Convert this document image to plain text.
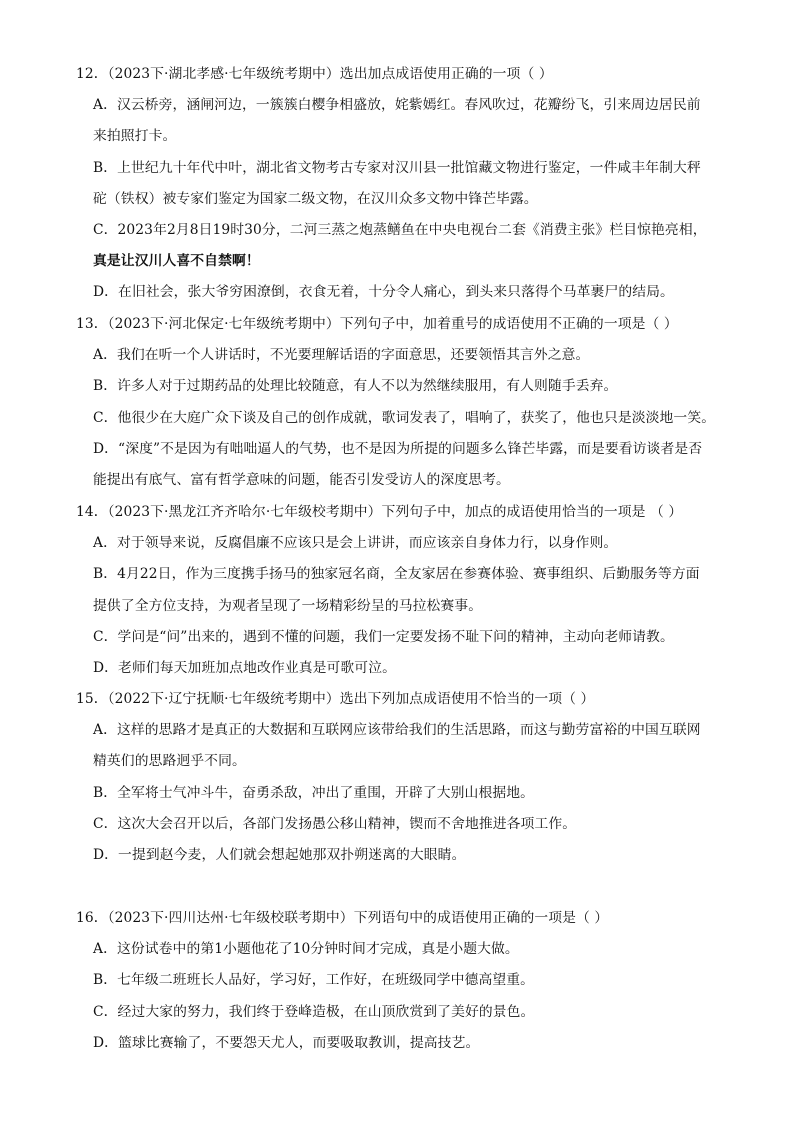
12．（2023下·湖北孝感·七年级统考期中）选出加点成语使用正确的一项（ ）
A．汉云桥旁，涵闸河边，一簇簇白樱争相盛放，姹紫嫣红。春风吹过，花瓣纷飞，引来周边居民前
来拍照打卡。
B．上世纪九十年代中叶，湖北省文物考古专家对汉川县一批馆藏文物进行鉴定，一件咸丰年制大秤
砣（铁权）被专家们鉴定为国家二级文物，在汉川众多文物中锋芒毕露。
C．2023年2月8日19时30分，二河三蒸之炮蒸鳝鱼在中央电视台二套《消费主张》栏目惊艳亮相，
真是让汉川人喜不自禁啊！
D．在旧社会，张大爷穷困潦倒，衣食无着，十分令人痛心，到头来只落得个马革裹尸的结局。
13．（2023下·河北保定·七年级统考期中）下列句子中，加着重号的成语使用不正确的一项是（ ）
A．我们在听一个人讲话时，不光要理解话语的字面意思，还要领悟其言外之意。
B．许多人对于过期药品的处理比较随意，有人不以为然继续服用，有人则随手丢弃。
C．他很少在大庭广众下谈及自己的创作成就，歌词发表了，唱响了，获奖了，他也只是淡淡地一笑。
D．“深度”不是因为有咄咄逼人的气势，也不是因为所提的问题多么锋芒毕露，而是要看访谈者是否
能提出有底气、富有哲学意味的问题，能否引发受访人的深度思考。
14．（2023下·黑龙江齐齐哈尔·七年级校考期中）下列句子中，加点的成语使用恰当的一项是 （ ）
A．对于领导来说，反腐倡廉不应该只是会上讲讲，而应该亲自身体力行，以身作则。
B．4月22日，作为三度携手扬马的独家冠名商，全友家居在参赛体验、赛事组织、后勤服务等方面
提供了全方位支持，为观者呈现了一场精彩纷呈的马拉松赛事。
C．学问是“问”出来的，遇到不懂的问题，我们一定要发扬不耻下问的精神，主动向老师请教。
D．老师们每天加班加点地改作业真是可歌可泣。
15．（2022下·辽宁抚顺·七年级统考期中）选出下列加点成语使用不恰当的一项（ ）
A．这样的思路才是真正的大数据和互联网应该带给我们的生活思路，而这与勤劳富裕的中国互联网
精英们的思路迥乎不同。
B．全军将士气冲斗牛，奋勇杀敌，冲出了重围，开辟了大别山根据地。
C．这次大会召开以后，各部门发扬愚公移山精神，锲而不舍地推进各项工作。
D．一提到赵今麦，人们就会想起她那双扑朔迷离的大眼睛。
16．（2023下·四川达州·七年级校联考期中）下列语句中的成语使用正确的一项是（ ）
A．这份试卷中的第1小题他花了10分钟时间才完成，真是小题大做。
B．七年级二班班长人品好，学习好，工作好，在班级同学中德高望重。
C．经过大家的努力，我们终于登峰造极，在山顶欣赏到了美好的景色。
D．篮球比赛输了，不要怨天尤人，而要吸取教训，提高技艺。
